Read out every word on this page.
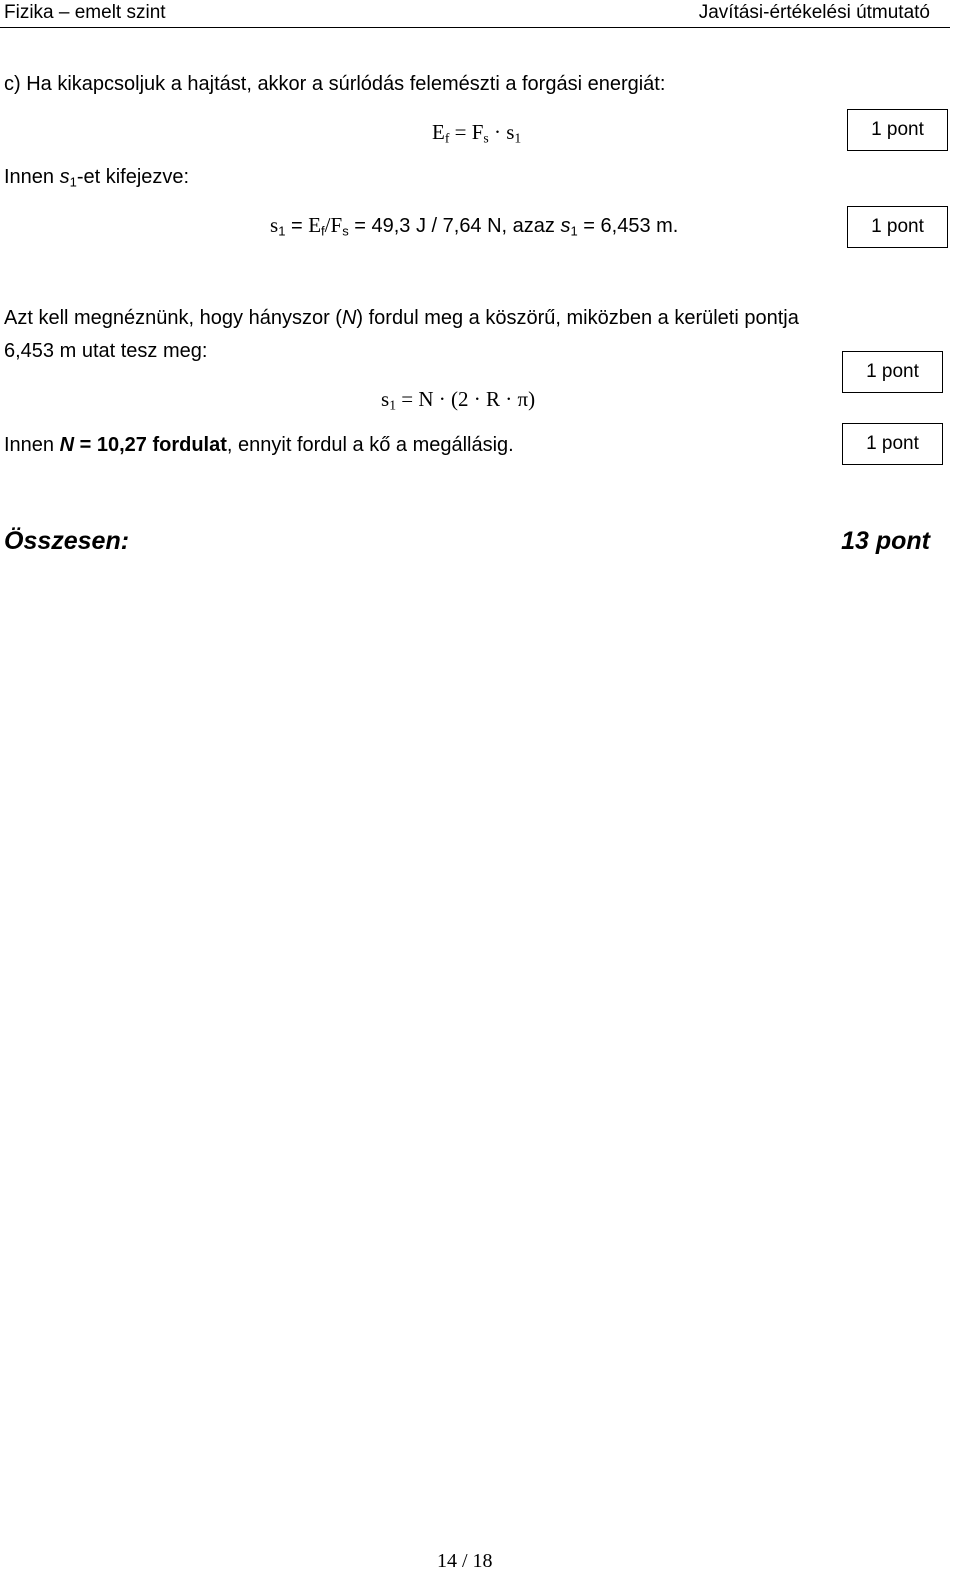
Fizika – emelt szint	Javítási-értékelési útmutató
c) Ha kikapcsoljuk a hajtást, akkor a súrlódás felemészti a forgási energiát:
$E_f = F_s \cdot s_1$	1 pont
Innen $s_1-et$ kifejezve:
$s_1 = E_f/F_s = 49,3$ J / 7,64 N, azaz $s_1 = 6,453$ m.	1 pont
Azt kell megnéznünk, hogy hányszor (N) fordul meg a köszörű, miközben a kerületi pontja
6,453 m utat tesz meg:
1 pont
$s_1 = N \cdot (2 \cdot R \cdot \pi)$
Innen N = 10,27 fordulat, ennyit fordul a kő a megállásig.	1 pont
Összesen:	13 pont
14 / 18
